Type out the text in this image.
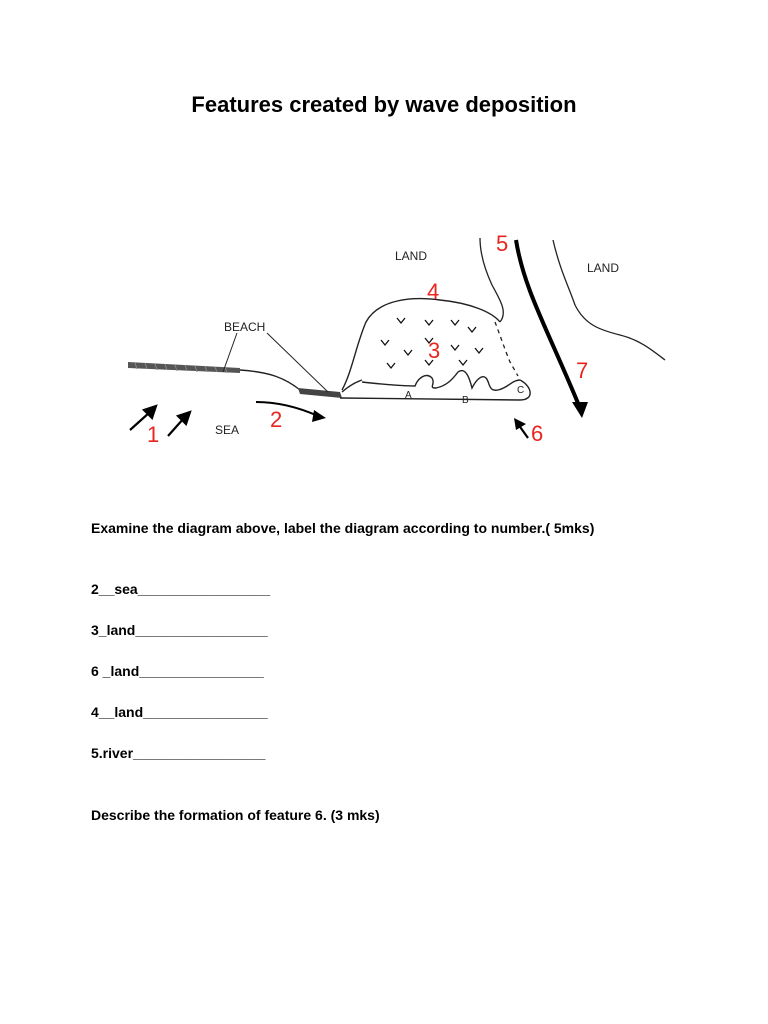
Features created by wave deposition
LAND
LAND
BEACH
SEA
A	B
C
1
2
3
4
5
6
7

Examine the diagram above, label the diagram according to number.( 5mks)

2__sea_________________

3_land_________________

6 _land________________

4__land________________

5.river_________________

Describe the formation of feature 6. (3 mks)
